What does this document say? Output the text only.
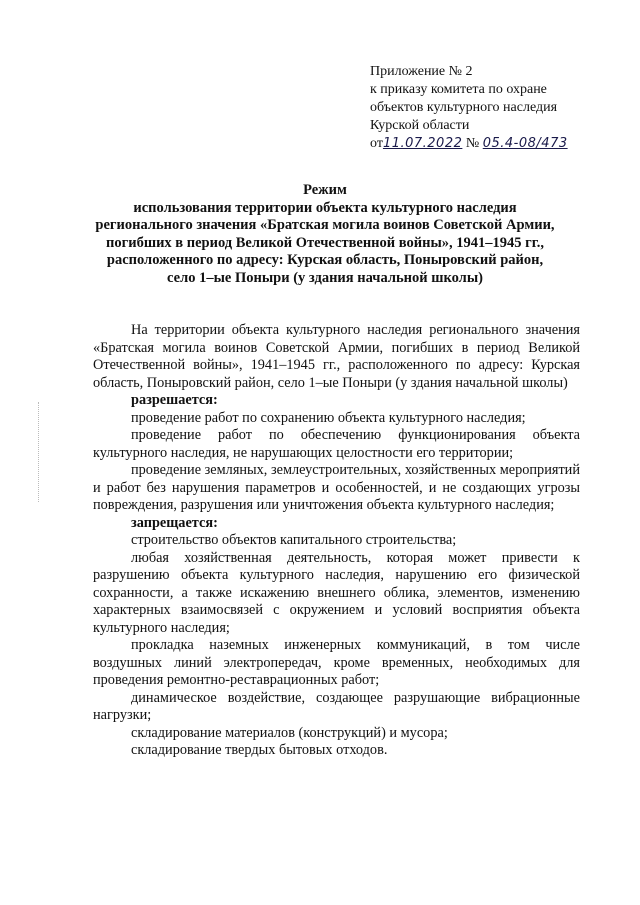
Приложение № 2
к приказу комитета по охране
объектов культурного наследия
Курской области
от11.07.2022 № 05.4-08/473
Режим
использования территории объекта культурного наследия
регионального значения «Братская могила воинов Советской Армии,
погибших в период Великой Отечественной войны», 1941–1945 гг.,
расположенного по адресу: Курская область, Поныровский район,
село 1–ые Поныри (у здания начальной школы)

На территории объекта культурного наследия регионального значения «Братская могила воинов Советской Армии, погибших в период Великой Отечественной войны», 1941–1945 гг., расположенного по адресу: Курская область, Поныровский район, село 1–ые Поныри (у здания начальной школы)

разрешается:

проведение работ по сохранению объекта культурного наследия;

проведение работ по обеспечению функционирования объекта культурного наследия, не нарушающих целостности его территории;

проведение земляных, землеустроительных, хозяйственных мероприятий и работ без нарушения параметров и особенностей, и не создающих угрозы повреждения, разрушения или уничтожения объекта культурного наследия;

запрещается:

строительство объектов капитального строительства;

любая хозяйственная деятельность, которая может привести к разрушению объекта культурного наследия, нарушению его физической сохранности, а также искажению внешнего облика, элементов, изменению характерных взаимосвязей с окружением и условий восприятия объекта культурного наследия;

прокладка наземных инженерных коммуникаций, в том числе воздушных линий электропередач, кроме временных, необходимых для проведения ремонтно-реставрационных работ;

динамическое воздействие, создающее разрушающие вибрационные нагрузки;

складирование материалов (конструкций) и мусора;

складирование твердых бытовых отходов.
